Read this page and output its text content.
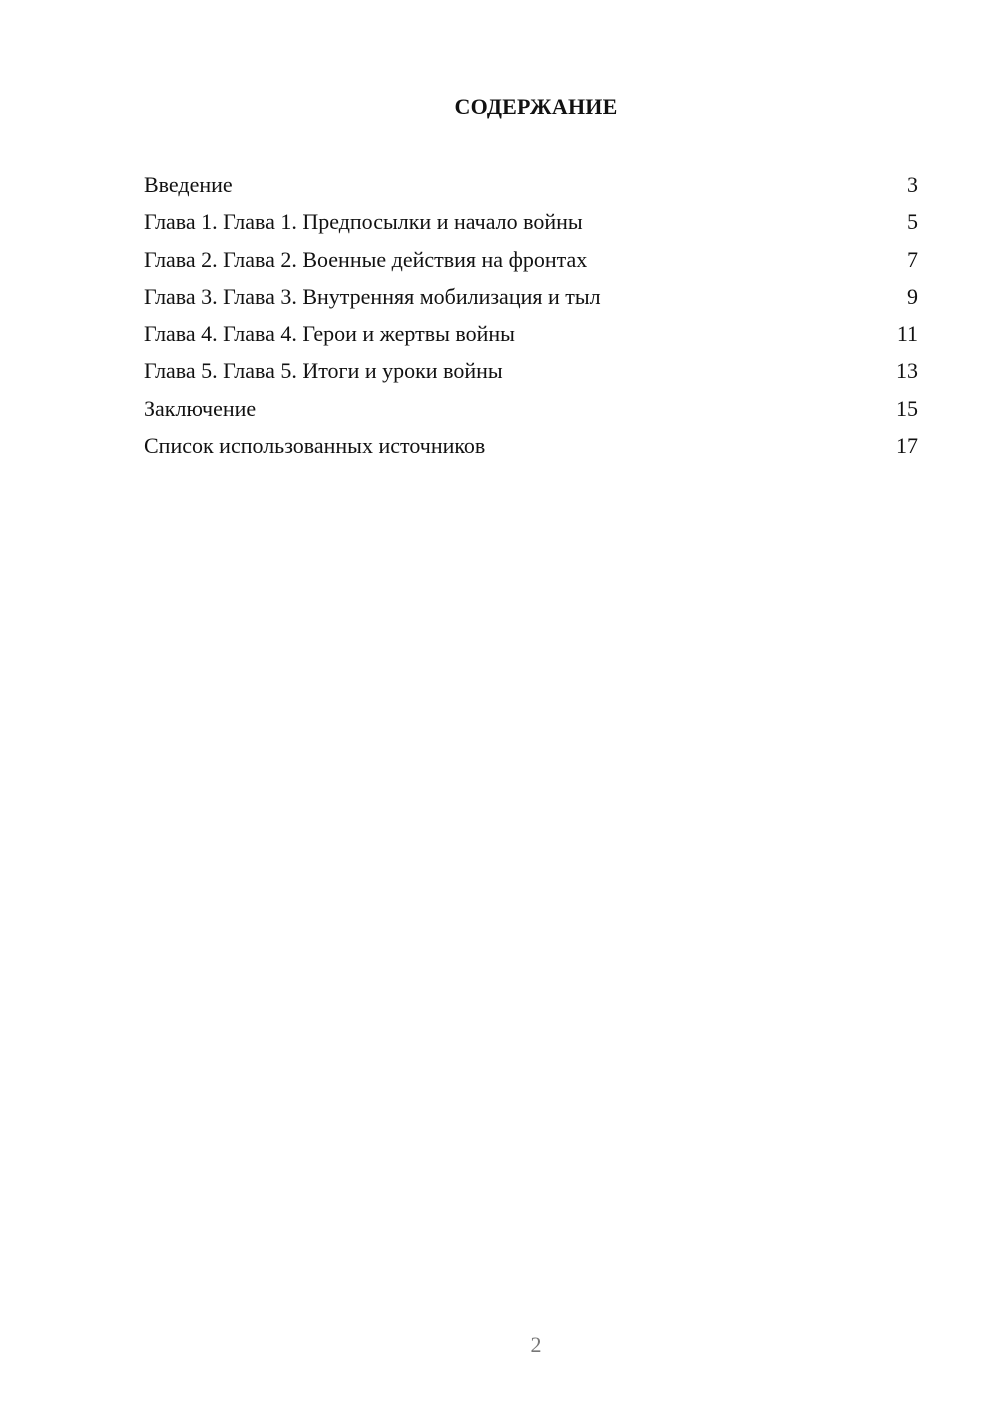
СОДЕРЖАНИЕ
Введение	3
Глава 1. Глава 1. Предпосылки и начало войны	5
Глава 2. Глава 2. Военные действия на фронтах	7
Глава 3. Глава 3. Внутренняя мобилизация и тыл	9
Глава 4. Глава 4. Герои и жертвы войны	11
Глава 5. Глава 5. Итоги и уроки войны	13
Заключение	15
Список использованных источников	17
2
